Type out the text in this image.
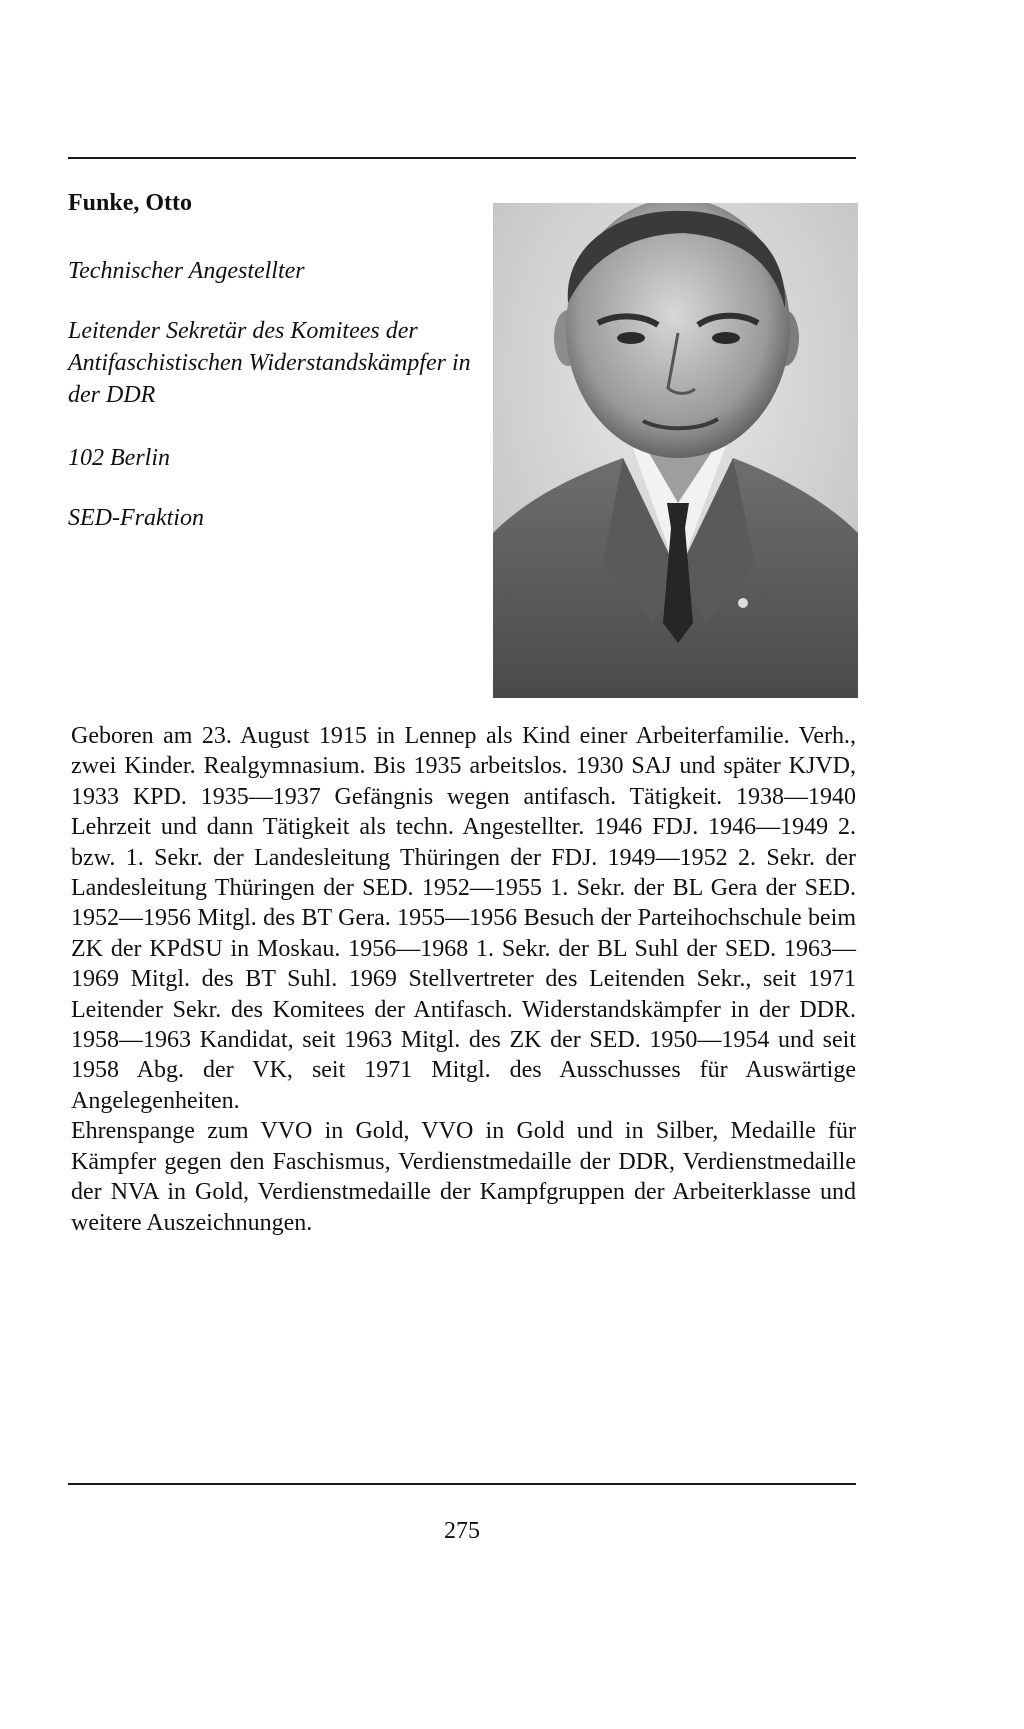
Funke, Otto
Technischer Angestellter
Leitender Sekretär des Komitees der Antifaschistischen Widerstandskämpfer in der DDR
102 Berlin
SED-Fraktion

Geboren am 23. August 1915 in Lennep als Kind einer Arbeiterfamilie. Verh., zwei Kinder. Realgymnasium. Bis 1935 arbeitslos. 1930 SAJ und später KJVD, 1933 KPD. 1935—1937 Gefängnis wegen antifasch. Tätigkeit. 1938—1940 Lehrzeit und dann Tätigkeit als techn. Angestellter. 1946 FDJ. 1946—1949 2. bzw. 1. Sekr. der Landesleitung Thüringen der FDJ. 1949—1952 2. Sekr. der Landesleitung Thüringen der SED. 1952—1955 1. Sekr. der BL Gera der SED. 1952—1956 Mitgl. des BT Gera. 1955—1956 Besuch der Parteihochschule beim ZK der KPdSU in Moskau. 1956—1968 1. Sekr. der BL Suhl der SED. 1963—1969 Mitgl. des BT Suhl. 1969 Stellvertreter des Leitenden Sekr., seit 1971 Leitender Sekr. des Komitees der Antifasch. Widerstandskämpfer in der DDR. 1958—1963 Kandidat, seit 1963 Mitgl. des ZK der SED. 1950—1954 und seit 1958 Abg. der VK, seit 1971 Mitgl. des Ausschusses für Auswärtige Angelegenheiten.

Ehrenspange zum VVO in Gold, VVO in Gold und in Silber, Medaille für Kämpfer gegen den Faschismus, Verdienstmedaille der DDR, Verdienstmedaille der NVA in Gold, Verdienstmedaille der Kampfgruppen der Arbeiterklasse und weitere Auszeichnungen.

275
